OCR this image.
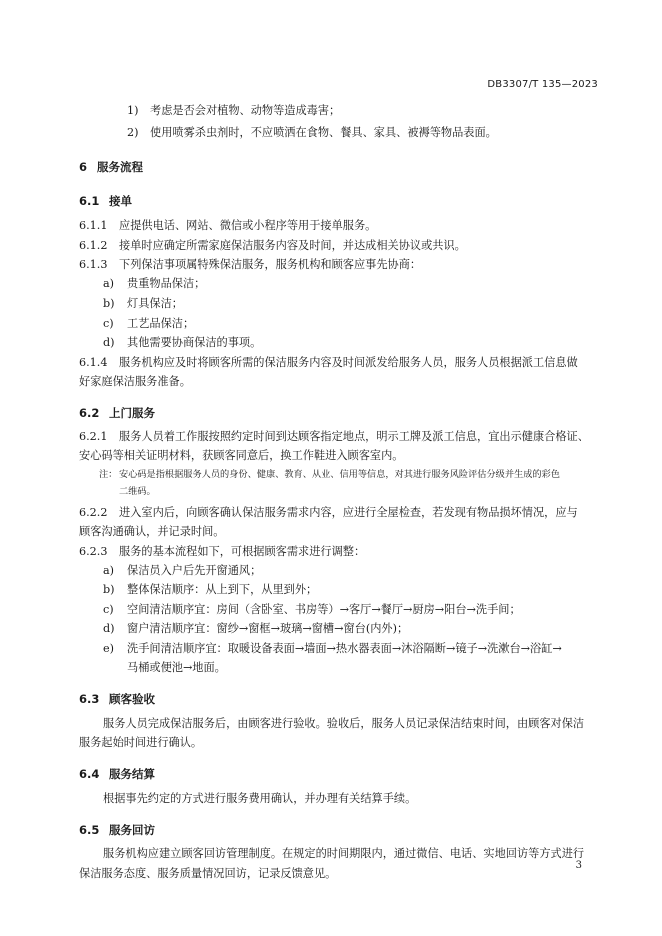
DB3307/T 135—2023
1) 考虑是否会对植物、动物等造成毒害；
2) 使用喷雾杀虫剂时，不应喷洒在食物、餐具、家具、被褥等物品表面。
6 服务流程
6.1 接单
6.1.1 应提供电话、网站、微信或小程序等用于接单服务。
6.1.2 接单时应确定所需家庭保洁服务内容及时间，并达成相关协议或共识。
6.1.3 下列保洁事项属特殊保洁服务，服务机构和顾客应事先协商：
a) 贵重物品保洁；
b) 灯具保洁；
c) 工艺品保洁；
d) 其他需要协商保洁的事项。
6.1.4 服务机构应及时将顾客所需的保洁服务内容及时间派发给服务人员，服务人员根据派工信息做
好家庭保洁服务准备。
6.2 上门服务
6.2.1 服务人员着工作服按照约定时间到达顾客指定地点，明示工牌及派工信息，宜出示健康合格证、
安心码等相关证明材料，获顾客同意后，换工作鞋进入顾客室内。
注： 安心码是指根据服务人员的身份、健康、教育、从业、信用等信息，对其进行服务风险评估分级并生成的彩色
二维码。
6.2.2 进入室内后，向顾客确认保洁服务需求内容，应进行全屋检查，若发现有物品损坏情况，应与
顾客沟通确认，并记录时间。
6.2.3 服务的基本流程如下，可根据顾客需求进行调整：
a) 保洁员入户后先开窗通风；
b) 整体保洁顺序：从上到下，从里到外；
c) 空间清洁顺序宜：房间（含卧室、书房等）→客厅→餐厅→厨房→阳台→洗手间；
d) 窗户清洁顺序宜：窗纱→窗框→玻璃→窗槽→窗台(内外)；
e) 洗手间清洁顺序宜：取暖设备表面→墙面→热水器表面→沐浴隔断→镜子→洗漱台→浴缸→
马桶或便池→地面。
6.3 顾客验收
服务人员完成保洁服务后，由顾客进行验收。验收后，服务人员记录保洁结束时间，由顾客对保洁
服务起始时间进行确认。
6.4 服务结算
根据事先约定的方式进行服务费用确认，并办理有关结算手续。
6.5 服务回访
服务机构应建立顾客回访管理制度。在规定的时间期限内，通过微信、电话、实地回访等方式进行
保洁服务态度、服务质量情况回访，记录反馈意见。
3
